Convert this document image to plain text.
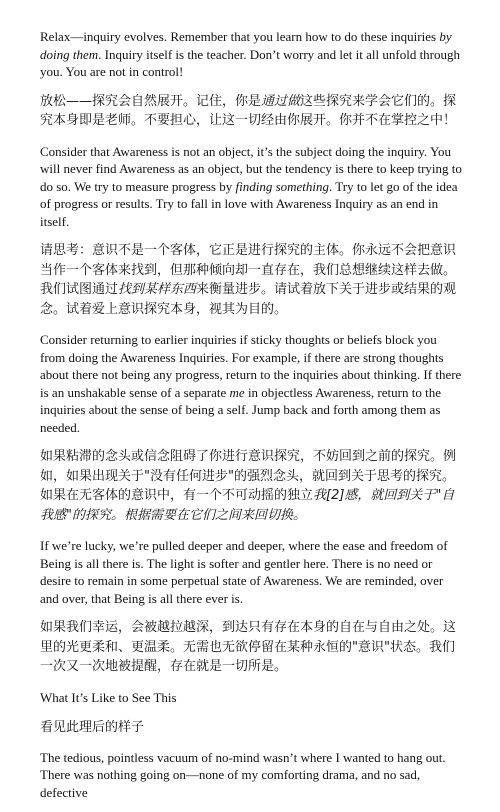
Relax—inquiry evolves. Remember that you learn how to do these inquiries by doing them. Inquiry itself is the teacher. Don’t worry and let it all unfold through you. You are not in control!

放松——探究会自然展开。记住，你是通过做这些探究来学会它们的。探究本身即是老师。不要担心，让这一切经由你展开。你并不在掌控之中！

Consider that Awareness is not an object, it’s the subject doing the inquiry. You will never find Awareness as an object, but the tendency is there to keep trying to do so. We try to measure progress by finding something. Try to let go of the idea of progress or results. Try to fall in love with Awareness Inquiry as an end in itself.

请思考：意识不是一个客体，它正是进行探究的主体。你永远不会把意识当作一个客体来找到，但那种倾向却一直存在，我们总想继续这样去做。我们试图通过找到某样东西来衡量进步。请试着放下关于进步或结果的观念。试着爱上意识探究本身，视其为目的。

Consider returning to earlier inquiries if sticky thoughts or beliefs block you from doing the Awareness Inquiries. For example, if there are strong thoughts about there not being any progress, return to the inquiries about thinking. If there is an unshakable sense of a separate me in objectless Awareness, return to the inquiries about the sense of being a self. Jump back and forth among them as needed.

如果粘滞的念头或信念阻碍了你进行意识探究，不妨回到之前的探究。例如，如果出现关于"没有任何进步"的强烈念头，就回到关于思考的探究。如果在无客体的意识中，有一个不可动摇的独立我[2]感，就回到关于"自我感"的探究。根据需要在它们之间来回切换。

If we’re lucky, we’re pulled deeper and deeper, where the ease and freedom of Being is all there is. The light is softer and gentler here. There is no need or desire to remain in some perpetual state of Awareness. We are reminded, over and over, that Being is all there ever is.

如果我们幸运，会被越拉越深，到达只有存在本身的自在与自由之处。这里的光更柔和、更温柔。无需也无欲停留在某种永恒的"意识"状态。我们一次又一次地被提醒，存在就是一切所是。

What It’s Like to See This

看见此理后的样子

The tedious, pointless vacuum of no-mind wasn’t where I wanted to hang out. There was nothing going on—none of my comforting drama, and no sad, defective
